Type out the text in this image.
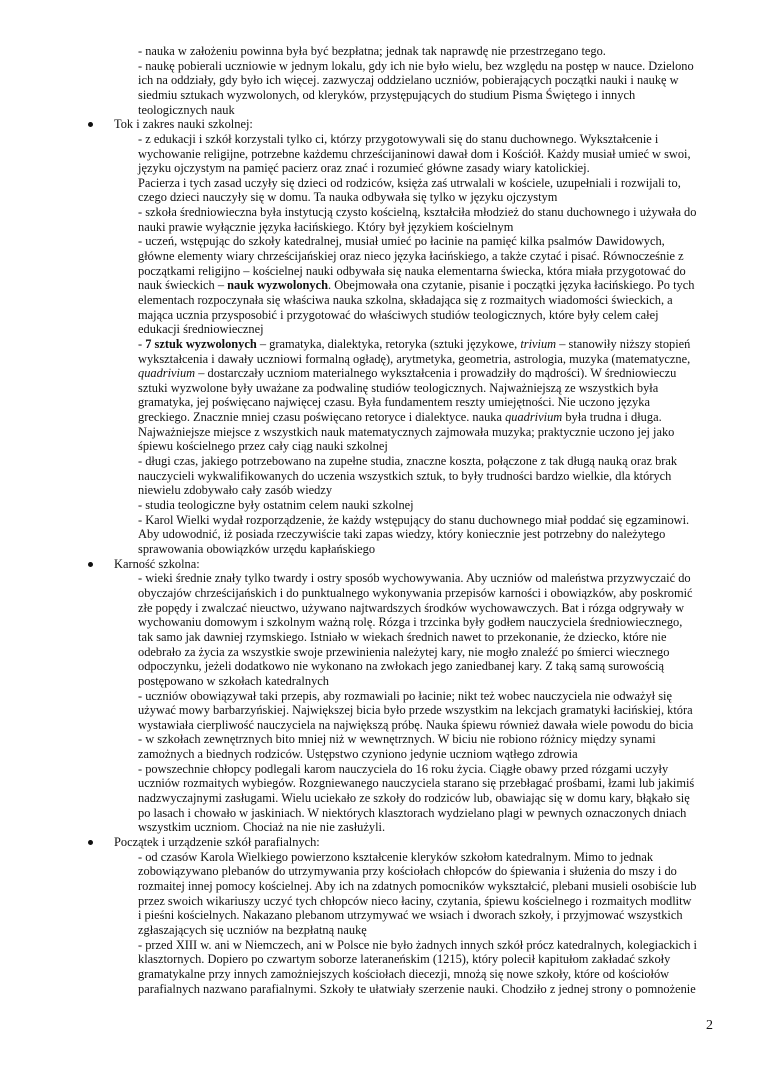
- nauka w założeniu powinna była być bezpłatna; jednak tak naprawdę nie przestrzegano tego.
- naukę pobierali uczniowie w jednym lokalu, gdy ich nie było wielu, bez względu na postęp w nauce. Dzielono
ich na oddziały, gdy było ich więcej. zazwyczaj oddzielano uczniów, pobierających początki nauki i naukę w
siedmiu sztukach wyzwolonych, od kleryków, przystępujących do studium Pisma Świętego i innych
teologicznych nauk
Tok i zakres nauki szkolnej:
- z edukacji i szkół korzystali tylko ci, którzy przygotowywali się do stanu duchownego. Wykształcenie i
wychowanie religijne, potrzebne każdemu chrześcijaninowi dawał dom i Kościół. Każdy musiał umieć w swoi,
języku ojczystym na pamięć pacierz oraz znać i rozumieć główne zasady wiary katolickiej.
Pacierza i tych zasad uczyły się dzieci od rodziców, księża zaś utrwalali w kościele, uzupełniali i rozwijali to,
czego dzieci nauczyły się w domu. Ta nauka odbywała się tylko w języku ojczystym
- szkoła średniowieczna była instytucją czysto kościelną, kształciła młodzież do stanu duchownego i używała do
nauki prawie wyłącznie języka łacińskiego. Który był językiem kościelnym
- uczeń, wstępując do szkoły katedralnej, musiał umieć po łacinie na pamięć kilka psalmów Dawidowych,
główne elementy wiary chrześcijańskiej oraz nieco języka łacińskiego, a także czytać i pisać. Równocześnie z
początkami religijno – kościelnej nauki odbywała się nauka elementarna świecka, która miała przygotować do
nauk świeckich – nauk wyzwolonych. Obejmowała ona czytanie, pisanie i początki języka łacińskiego. Po tych
elementach rozpoczynała się właściwa nauka szkolna, składająca się z rozmaitych wiadomości świeckich, a
mająca ucznia przysposobić i przygotować do właściwych studiów teologicznych, które były celem całej
edukacji średniowiecznej
- 7 sztuk wyzwolonych – gramatyka, dialektyka, retoryka (sztuki językowe, trivium – stanowiły niższy stopień
wykształcenia i dawały uczniowi formalną ogładę), arytmetyka, geometria, astrologia, muzyka (matematyczne,
quadrivium – dostarczały uczniom materialnego wykształcenia i prowadziły do mądrości). W średniowieczu
sztuki wyzwolone były uważane za podwalinę studiów teologicznych. Najważniejszą ze wszystkich była
gramatyka, jej poświęcano najwięcej czasu. Była fundamentem reszty umiejętności. Nie uczono języka
greckiego. Znacznie mniej czasu poświęcano retoryce i dialektyce. nauka quadrivium była trudna i długa.
Najważniejsze miejsce z wszystkich nauk matematycznych zajmowała muzyka; praktycznie uczono jej jako
śpiewu kościelnego przez cały ciąg nauki szkolnej
- długi czas, jakiego potrzebowano na zupełne studia, znaczne koszta, połączone z tak długą nauką oraz brak
nauczycieli wykwalifikowanych do uczenia wszystkich sztuk, to były trudności bardzo wielkie, dla których
niewielu zdobywało cały zasób wiedzy
- studia teologiczne były ostatnim celem nauki szkolnej
- Karol Wielki wydał rozporządzenie, że każdy wstępujący do stanu duchownego miał poddać się egzaminowi.
Aby udowodnić, iż posiada rzeczywiście taki zapas wiedzy, który koniecznie jest potrzebny do należytego
sprawowania obowiązków urzędu kapłańskiego
Karność szkolna:
- wieki średnie znały tylko twardy i ostry sposób wychowywania. Aby uczniów od maleństwa przyzwyczaić do
obyczajów chrześcijańskich i do punktualnego wykonywania przepisów karności i obowiązków, aby poskromić
złe popędy i zwalczać nieuctwo, używano najtwardszych środków wychowawczych. Bat i rózga odgrywały w
wychowaniu domowym i szkolnym ważną rolę. Rózga i trzcinka były godłem nauczyciela średniowiecznego,
tak samo jak dawniej rzymskiego. Istniało w wiekach średnich nawet to przekonanie, że dziecko, które nie
odebrało za życia za wszystkie swoje przewinienia należytej kary, nie mogło znaleźć po śmierci wiecznego
odpoczynku, jeżeli dodatkowo nie wykonano na zwłokach jego zaniedbanej kary. Z taką samą surowością
postępowano w szkołach katedralnych
- uczniów obowiązywał taki przepis, aby rozmawiali po łacinie; nikt też wobec nauczyciela nie odważył się
używać mowy barbarzyńskiej. Największej bicia było przede wszystkim na lekcjach gramatyki łacińskiej, która
wystawiała cierpliwość nauczyciela na największą próbę. Nauka śpiewu również dawała wiele powodu do bicia
- w szkołach zewnętrznych bito mniej niż w wewnętrznych. W biciu nie robiono różnicy między synami
zamożnych a biednych rodziców. Ustępstwo czyniono jedynie uczniom wątłego zdrowia
- powszechnie chłopcy podlegali karom nauczyciela do 16 roku życia. Ciągłe obawy przed rózgami uczyły
uczniów rozmaitych wybiegów. Rozgniewanego nauczyciela starano się przebłagać prośbami, łzami lub jakimiś
nadzwyczajnymi zasługami. Wielu uciekało ze szkoły do rodziców lub, obawiając się w domu kary, błąkało się
po lasach i chowało w jaskiniach. W niektórych klasztorach wydzielano plagi w pewnych oznaczonych dniach
wszystkim uczniom. Chociaż na nie nie zasłużyli.
Początek i urządzenie szkół parafialnych:
- od czasów Karola Wielkiego powierzono kształcenie kleryków szkołom katedralnym. Mimo to jednak
zobowiązywano plebanów do utrzymywania przy kościołach chłopców do śpiewania i służenia do mszy i do
rozmaitej innej pomocy kościelnej. Aby ich na zdatnych pomocników wykształcić, plebani musieli osobiście lub
przez swoich wikariuszy uczyć tych chłopców nieco łaciny, czytania, śpiewu kościelnego i rozmaitych modlitw
i pieśni kościelnych. Nakazano plebanom utrzymywać we wsiach i dworach szkoły, i przyjmować wszystkich
zgłaszających się uczniów na bezpłatną naukę
- przed XIII w. ani w Niemczech, ani w Polsce nie było żadnych innych szkół prócz katedralnych, kolegiackich i
klasztornych. Dopiero po czwartym soborze lateraneńskim (1215), który polecił kapitułom zakładać szkoły
gramatykalne przy innych zamożniejszych kościołach diecezji, mnożą się nowe szkoły, które od kościołów
parafialnych nazwano parafialnymi. Szkoły te ułatwiały szerzenie nauki. Chodziło z jednej strony o pomnożenie
2
